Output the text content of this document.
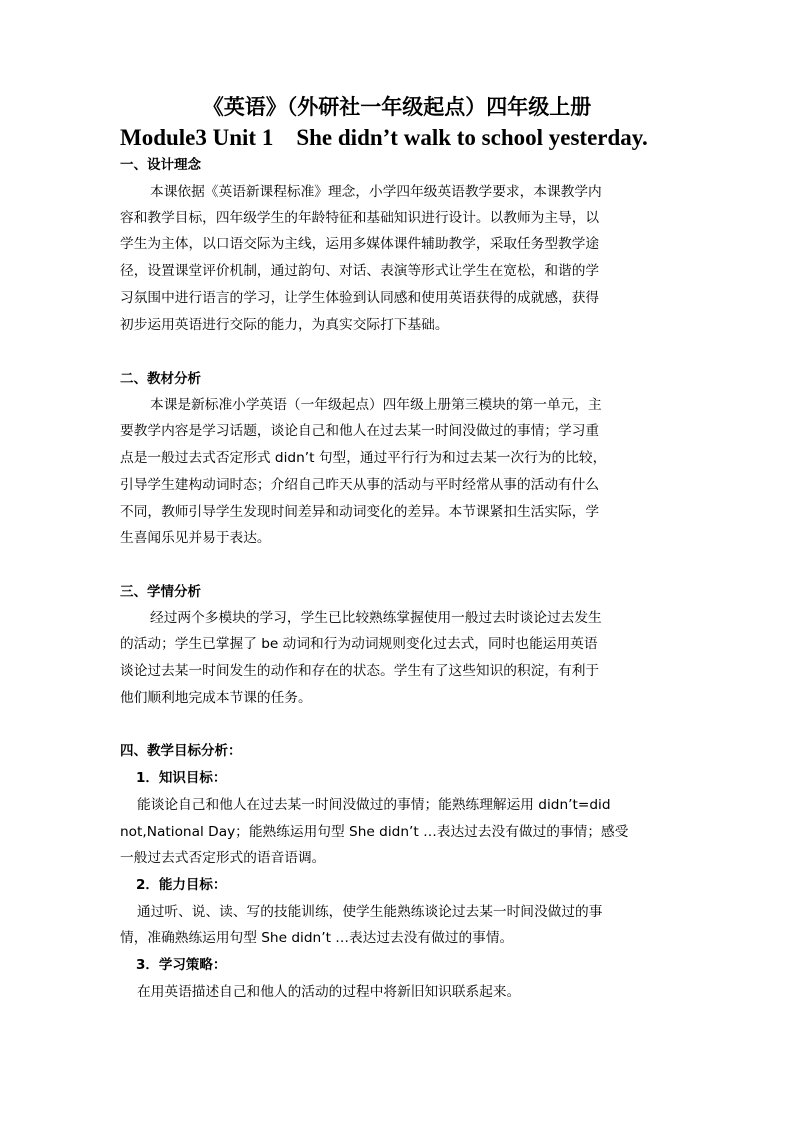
《英语》（外研社一年级起点）四年级上册
Module3 Unit 1    She didn’t walk to school yesterday.
一、设计理念
本课依据《英语新课程标准》理念，小学四年级英语教学要求，本课教学内
容和教学目标，四年级学生的年龄特征和基础知识进行设计。以教师为主导，以
学生为主体，以口语交际为主线，运用多媒体课件辅助教学，采取任务型教学途
径，设置课堂评价机制，通过韵句、对话、表演等形式让学生在宽松，和谐的学
习氛围中进行语言的学习，让学生体验到认同感和使用英语获得的成就感，获得
初步运用英语进行交际的能力，为真实交际打下基础。
二、教材分析
本课是新标准小学英语（一年级起点）四年级上册第三模块的第一单元，主
要教学内容是学习话题，谈论自己和他人在过去某一时间没做过的事情；学习重
点是一般过去式否定形式 didn’t 句型，通过平行行为和过去某一次行为的比较，
引导学生建构动词时态；介绍自己昨天从事的活动与平时经常从事的活动有什么
不同，教师引导学生发现时间差异和动词变化的差异。本节课紧扣生活实际，学
生喜闻乐见并易于表达。
三、学情分析
经过两个多模块的学习，学生已比较熟练掌握使用一般过去时谈论过去发生
的活动；学生已掌握了 be 动词和行为动词规则变化过去式，同时也能运用英语
谈论过去某一时间发生的动作和存在的状态。学生有了这些知识的积淀，有利于
他们顺利地完成本节课的任务。
四、教学目标分析：
1．知识目标：
能谈论自己和他人在过去某一时间没做过的事情；能熟练理解运用 didn’t=did
not,National Day；能熟练运用句型 She didn’t …表达过去没有做过的事情；感受
一般过去式否定形式的语音语调。
2．能力目标：
通过听、说、读、写的技能训练，使学生能熟练谈论过去某一时间没做过的事
情，准确熟练运用句型 She didn’t …表达过去没有做过的事情。
3．学习策略：
在用英语描述自己和他人的活动的过程中将新旧知识联系起来。
